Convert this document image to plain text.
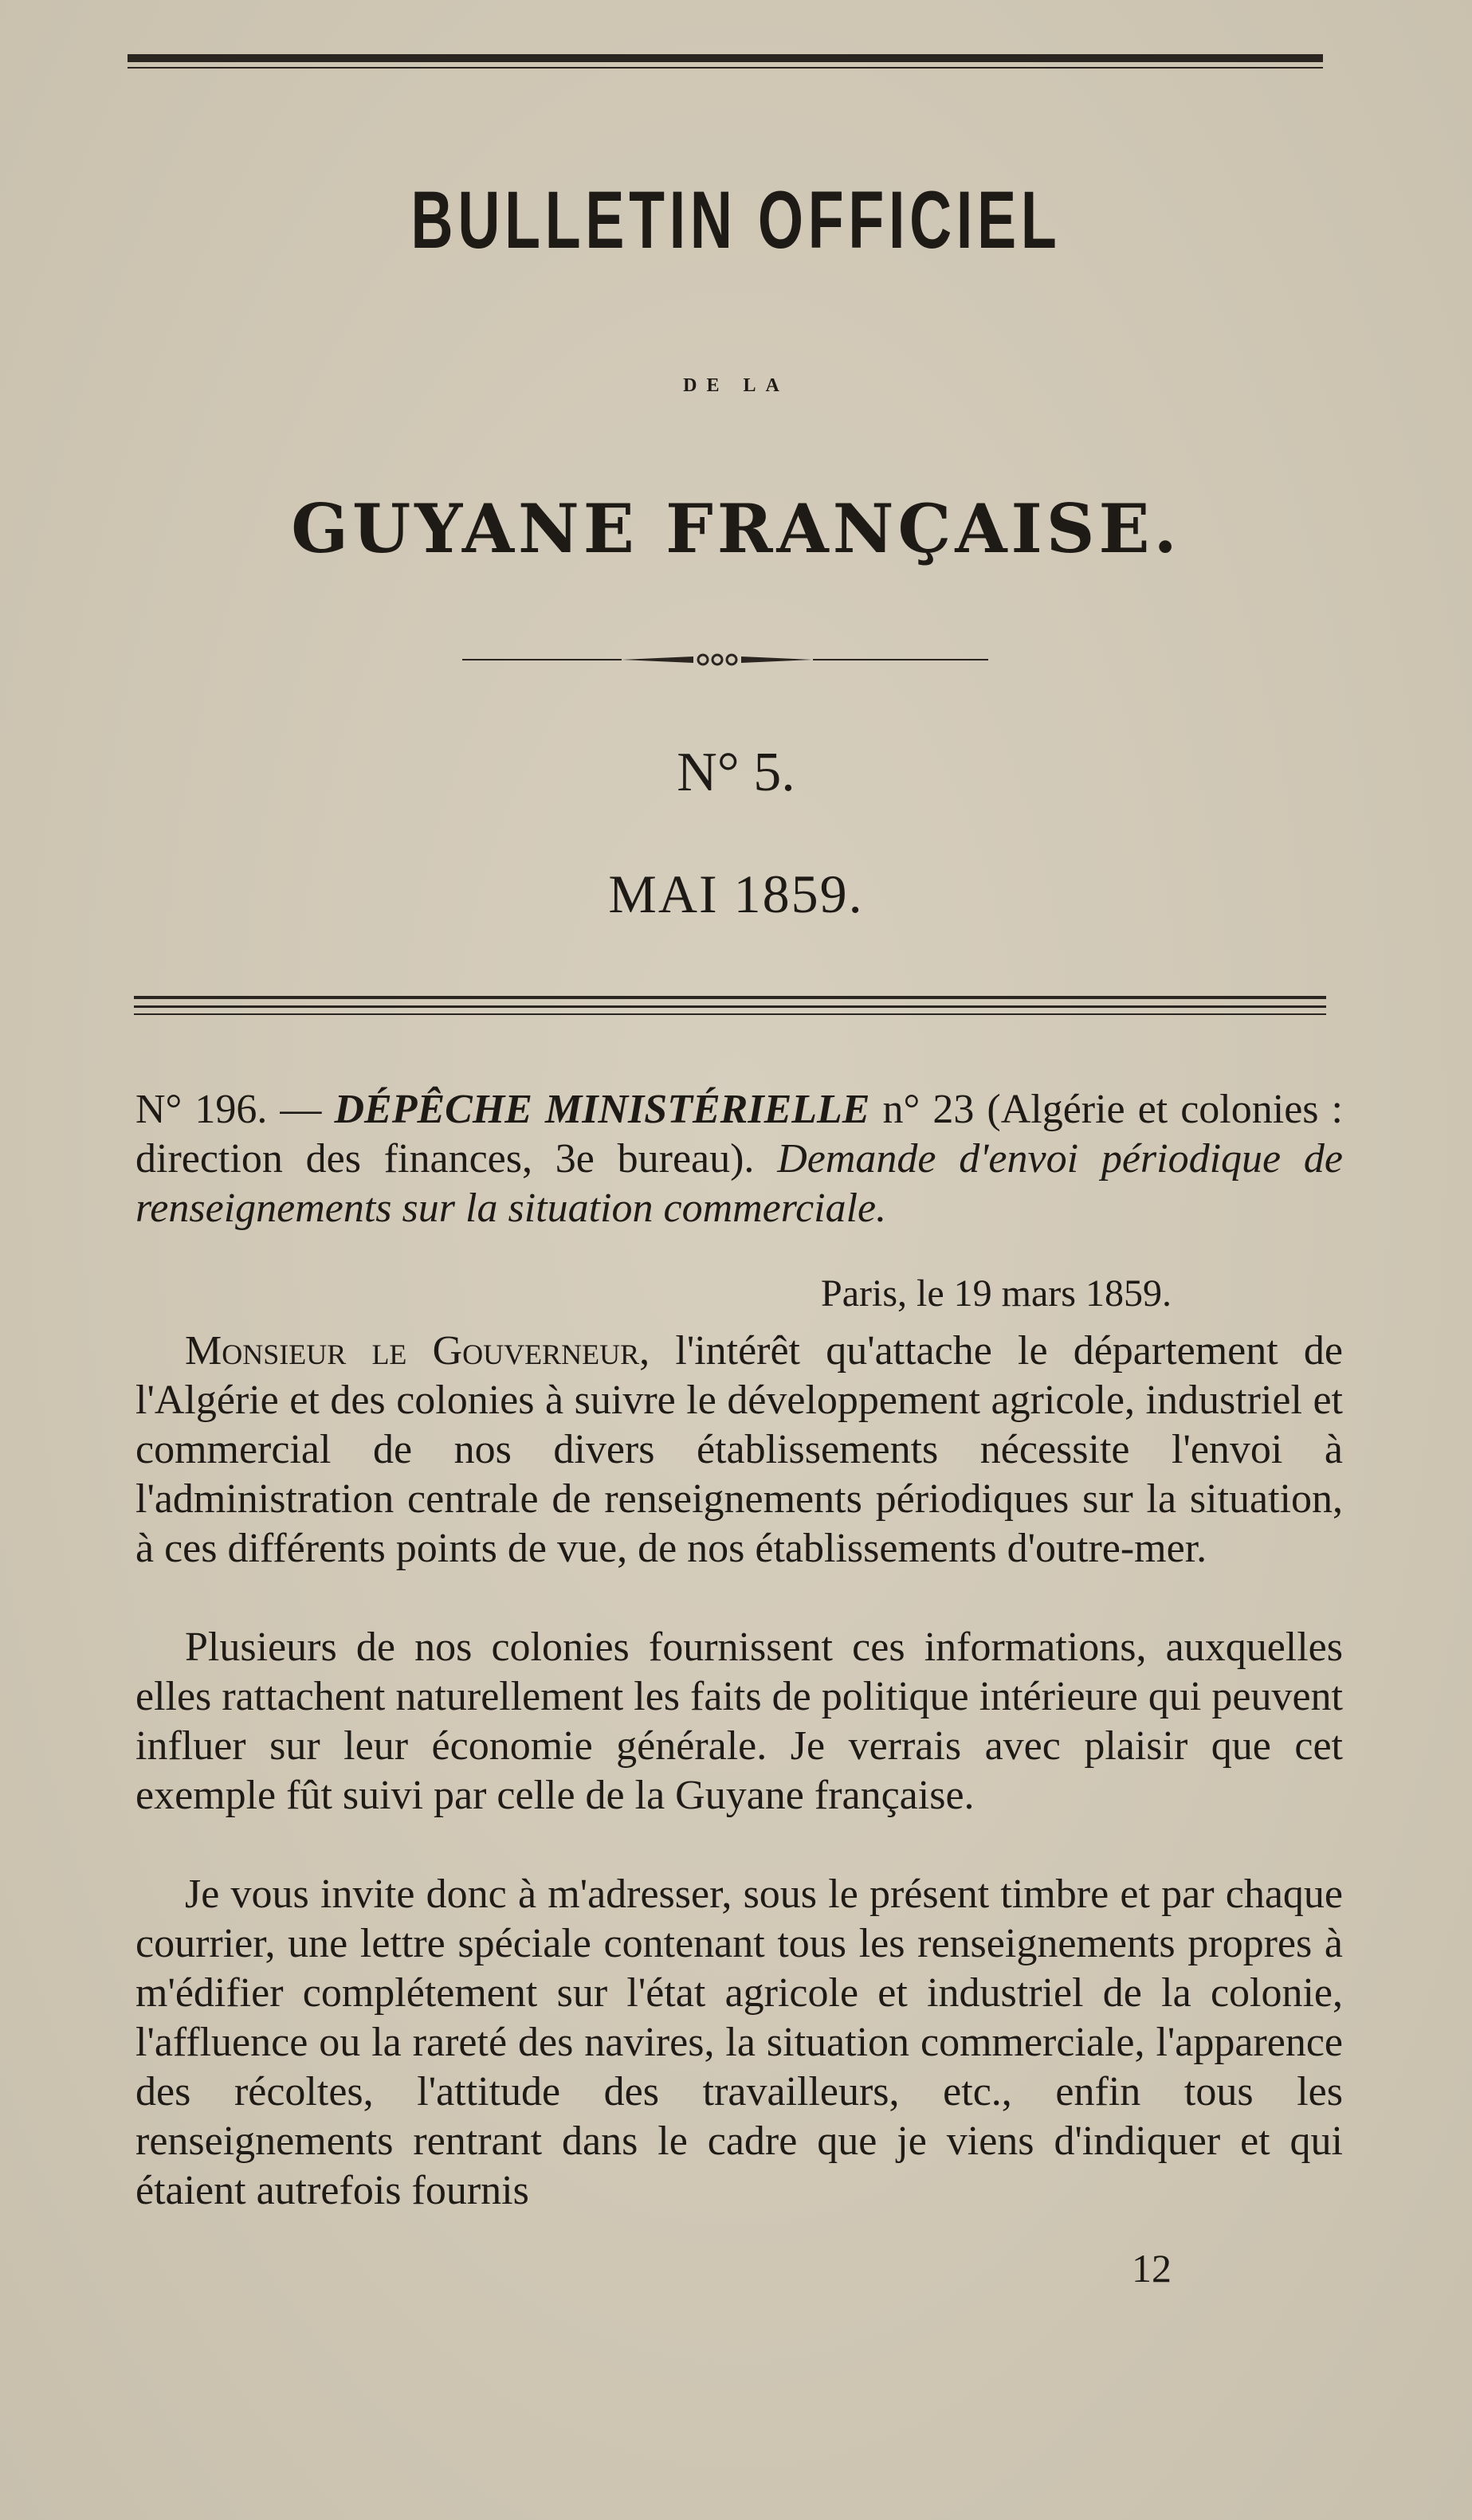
BULLETIN OFFICIEL
DE LA
GUYANE FRANÇAISE.
N° 5.
MAI 1859.
N° 196. — DÉPÊCHE MINISTÉRIELLE n° 23 (Algérie et colonies : direction des finances, 3e bureau). Demande d'envoi périodique de renseignements sur la situation commerciale.
Paris, le 19 mars 1859.
Monsieur le Gouverneur, l'intérêt qu'attache le département de l'Algérie et des colonies à suivre le développement agricole, industriel et commercial de nos divers établissements nécessite l'envoi à l'administration centrale de renseignements périodiques sur la situation, à ces différents points de vue, de nos établissements d'outre-mer.
Plusieurs de nos colonies fournissent ces informations, auxquelles elles rattachent naturellement les faits de politique intérieure qui peuvent influer sur leur économie générale. Je verrais avec plaisir que cet exemple fût suivi par celle de la Guyane française.
Je vous invite donc à m'adresser, sous le présent timbre et par chaque courrier, une lettre spéciale contenant tous les renseignements propres à m'édifier complétement sur l'état agricole et industriel de la colonie, l'affluence ou la rareté des navires, la situation commerciale, l'apparence des récoltes, l'attitude des travailleurs, etc., enfin tous les renseignements rentrant dans le cadre que je viens d'indiquer et qui étaient autrefois fournis
12
